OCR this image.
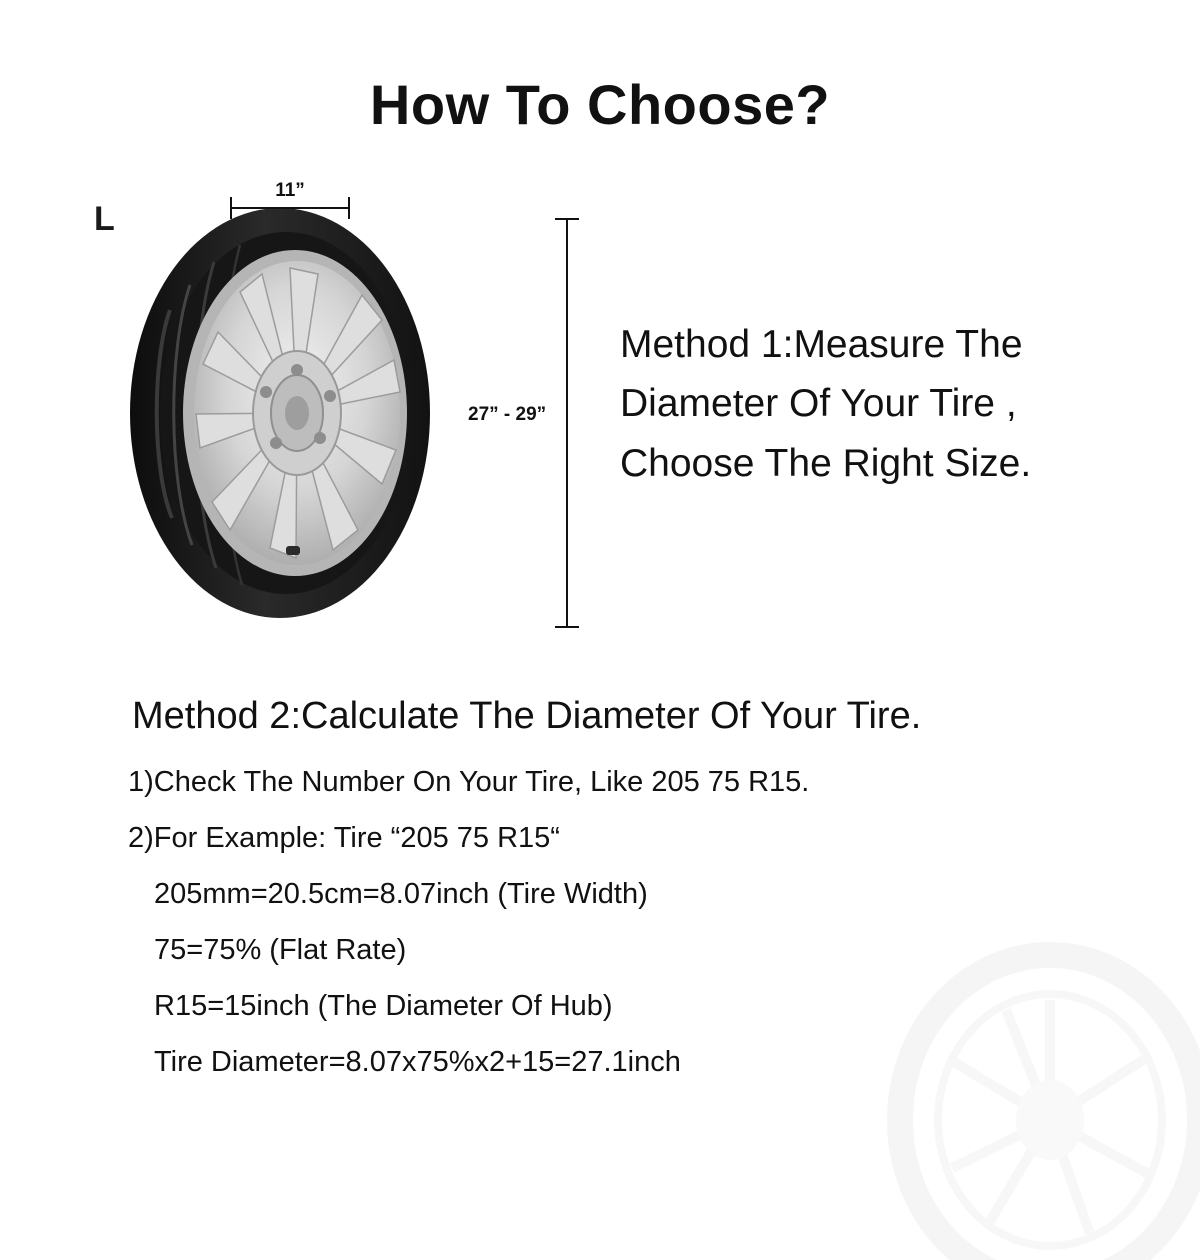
How To Choose?
L
11”
27” - 29”
Method 1:Measure The
Diameter Of Your Tire ,
Choose The Right Size.
Method 2:Calculate The Diameter Of Your Tire.
1)Check The Number On Your Tire, Like 205 75 R15.
2)For Example: Tire “205 75 R15“
205mm=20.5cm=8.07inch (Tire Width)
75=75% (Flat Rate)
R15=15inch (The Diameter Of Hub)
Tire Diameter=8.07x75%x2+15=27.1inch
